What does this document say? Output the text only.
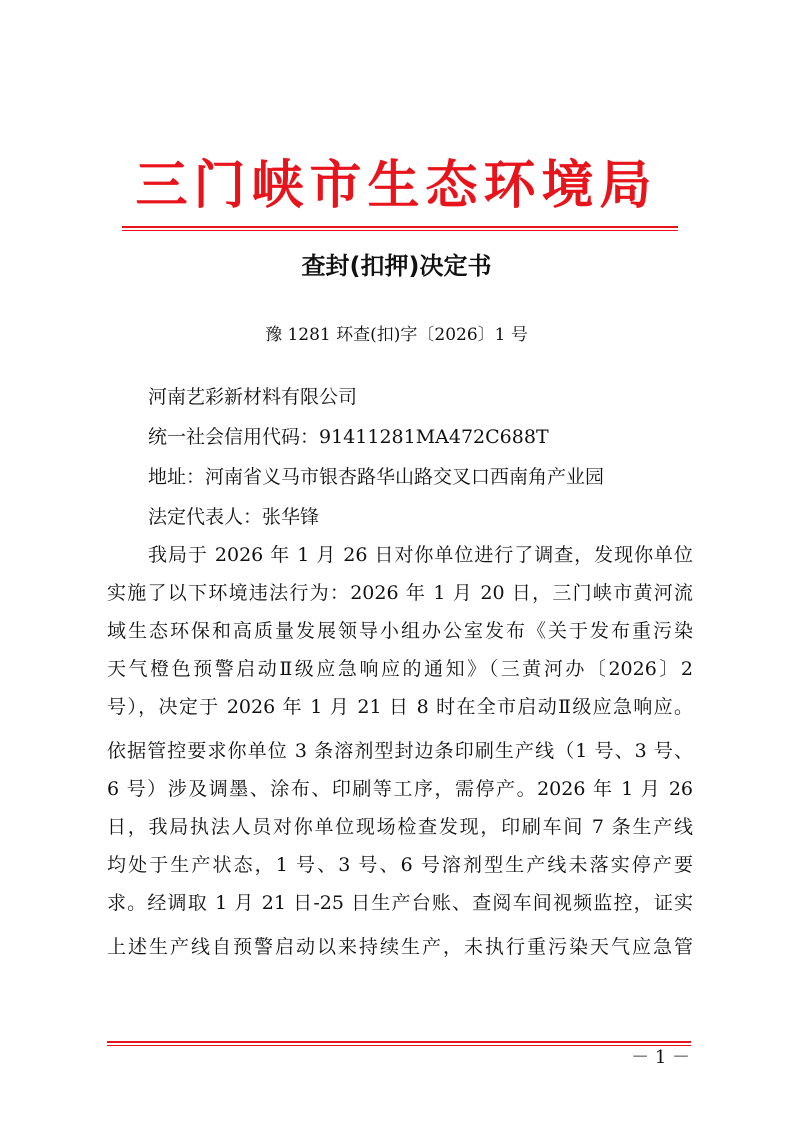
三门峡市生态环境局
查封(扣押)决定书
豫 1281 环查(扣)字〔2026〕1 号
河南艺彩新材料有限公司
统一社会信用代码：91411281MA472C688T
地址：河南省义马市银杏路华山路交叉口西南角产业园
法定代表人：张华锋
我局于 2026 年 1 月 26 日对你单位进行了调查，发现你单位
实施了以下环境违法行为：2026 年 1 月 20 日，三门峡市黄河流
域生态环保和高质量发展领导小组办公室发布《关于发布重污染
天气橙色预警启动Ⅱ级应急响应的通知》（三黄河办〔2026〕2
号），决定于 2026 年 1 月 21 日 8 时在全市启动Ⅱ级应急响应。
依据管控要求你单位 3 条溶剂型封边条印刷生产线（1 号、3 号、
6 号）涉及调墨、涂布、印刷等工序，需停产。2026 年 1 月 26
日，我局执法人员对你单位现场检查发现，印刷车间 7 条生产线
均处于生产状态，1 号、3 号、6 号溶剂型生产线未落实停产要
求。经调取 1 月 21 日-25 日生产台账、查阅车间视频监控，证实
上述生产线自预警启动以来持续生产，未执行重污染天气应急管
－ 1 －
